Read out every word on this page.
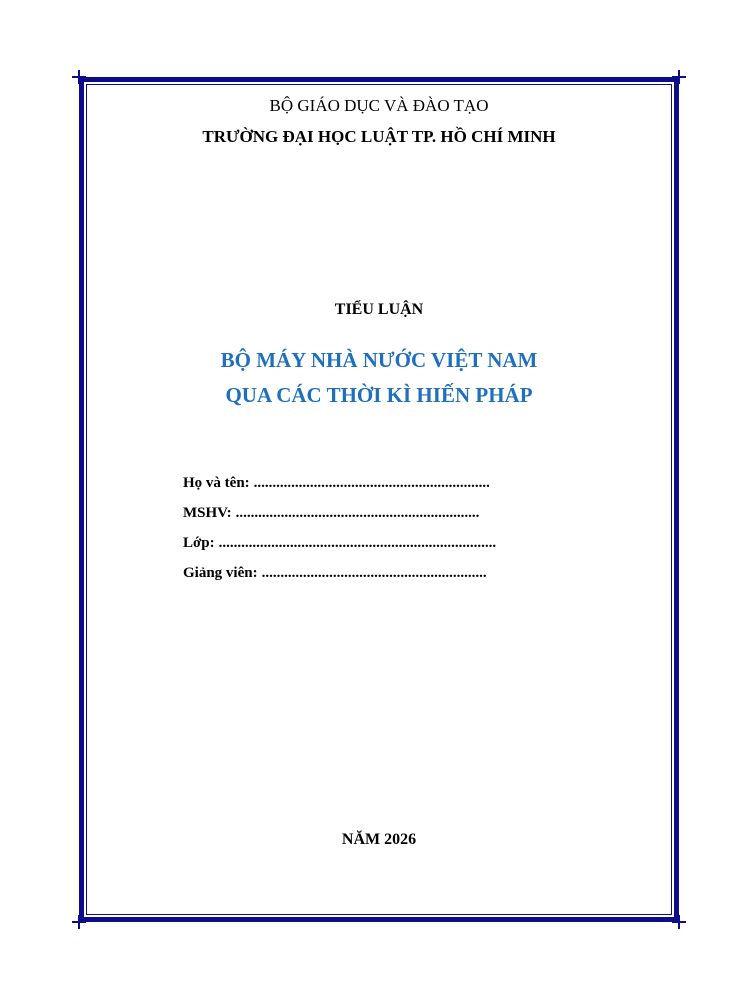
BỘ GIÁO DỤC VÀ ĐÀO TẠO
TRƯỜNG ĐẠI HỌC LUẬT TP. HỒ CHÍ MINH
TIỂU LUẬN
BỘ MÁY NHÀ NƯỚC VIỆT NAM
QUA CÁC THỜI KÌ HIẾN PHÁP
Họ và tên: ...............................................................
MSHV: .................................................................
Lớp: ..........................................................................
Giảng viên: ............................................................
NĂM 2026
